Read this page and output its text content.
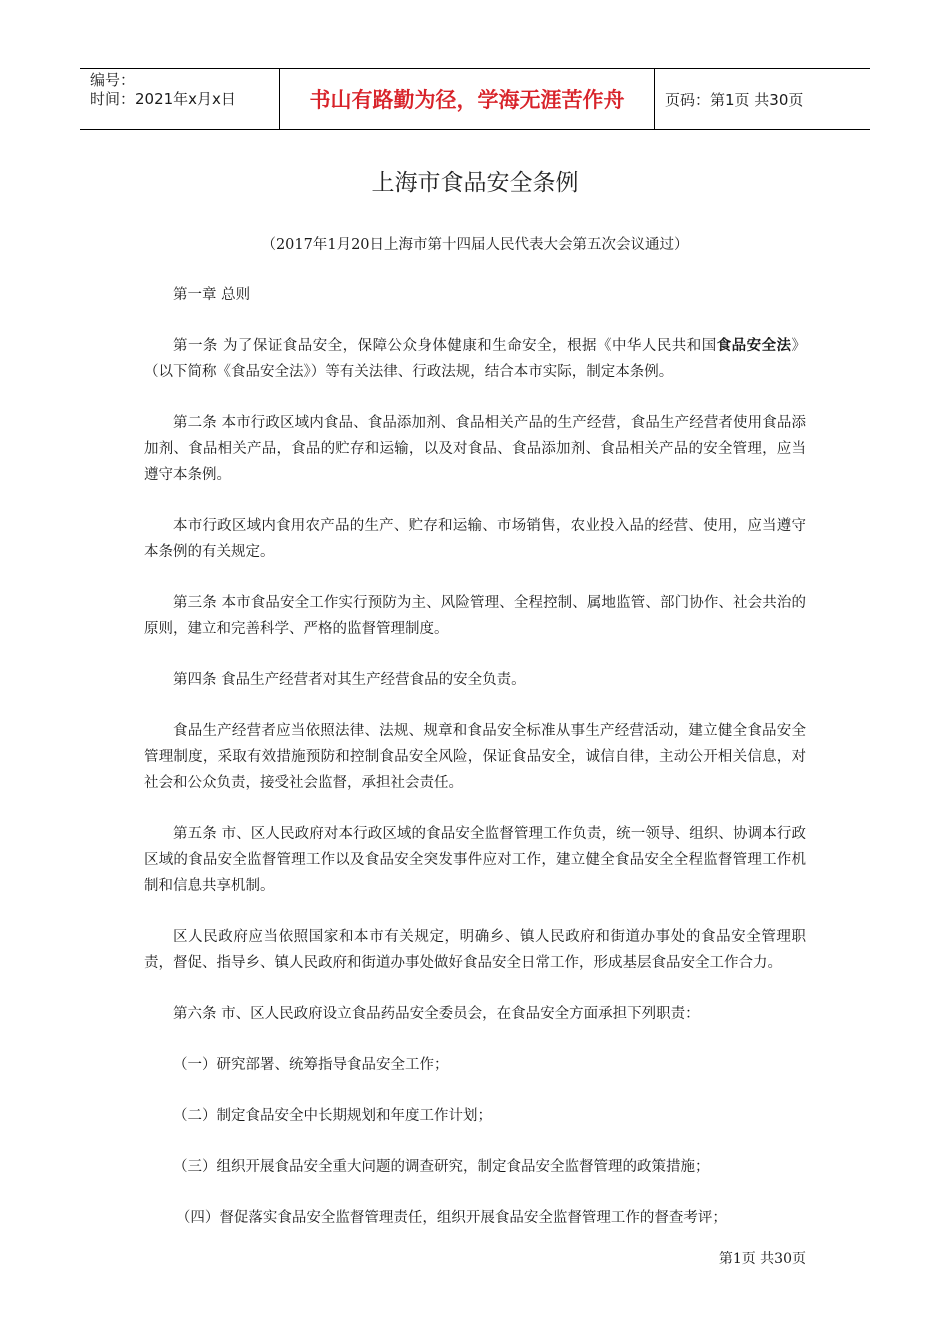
编号：
时间：2021年x月x日	书山有路勤为径，学海无涯苦作舟	页码：第1页 共30页
上海市食品安全条例
（2017年1月20日上海市第十四届人民代表大会第五次会议通过）

第一章 总则

第一条 为了保证食品安全，保障公众身体健康和生命安全，根据《中华人民共和国食品安全法》（以下简称《食品安全法》）等有关法律、行政法规，结合本市实际，制定本条例。

第二条 本市行政区域内食品、食品添加剂、食品相关产品的生产经营，食品生产经营者使用食品添加剂、食品相关产品，食品的贮存和运输，以及对食品、食品添加剂、食品相关产品的安全管理，应当遵守本条例。

本市行政区域内食用农产品的生产、贮存和运输、市场销售，农业投入品的经营、使用，应当遵守本条例的有关规定。

第三条 本市食品安全工作实行预防为主、风险管理、全程控制、属地监管、部门协作、社会共治的原则，建立和完善科学、严格的监督管理制度。

第四条 食品生产经营者对其生产经营食品的安全负责。

食品生产经营者应当依照法律、法规、规章和食品安全标准从事生产经营活动，建立健全食品安全管理制度，采取有效措施预防和控制食品安全风险，保证食品安全，诚信自律，主动公开相关信息，对社会和公众负责，接受社会监督，承担社会责任。

第五条 市、区人民政府对本行政区域的食品安全监督管理工作负责，统一领导、组织、协调本行政区域的食品安全监督管理工作以及食品安全突发事件应对工作，建立健全食品安全全程监督管理工作机制和信息共享机制。

区人民政府应当依照国家和本市有关规定，明确乡、镇人民政府和街道办事处的食品安全管理职责，督促、指导乡、镇人民政府和街道办事处做好食品安全日常工作，形成基层食品安全工作合力。

第六条 市、区人民政府设立食品药品安全委员会，在食品安全方面承担下列职责：

（一）研究部署、统筹指导食品安全工作；

（二）制定食品安全中长期规划和年度工作计划；

（三）组织开展食品安全重大问题的调查研究，制定食品安全监督管理的政策措施；

（四）督促落实食品安全监督管理责任，组织开展食品安全监督管理工作的督查考评；

第1页 共30页
